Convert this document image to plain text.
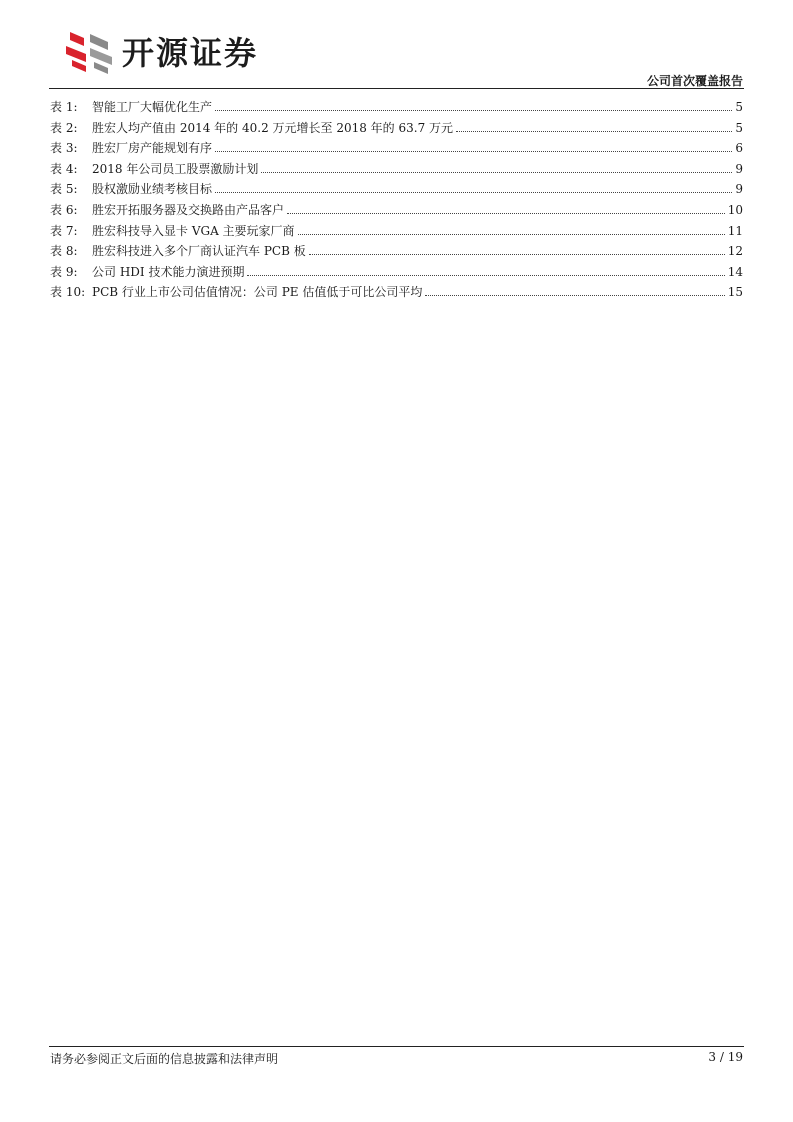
开源证券
公司首次覆盖报告
表 1:	智能工厂大幅优化生产	5
表 2:	胜宏人均产值由 2014 年的 40.2 万元增长至 2018 年的 63.7 万元	5
表 3:	胜宏厂房产能规划有序	6
表 4:	2018 年公司员工股票激励计划	9
表 5:	股权激励业绩考核目标	9
表 6:	胜宏开拓服务器及交换路由产品客户	10
表 7:	胜宏科技导入显卡 VGA 主要玩家厂商	11
表 8:	胜宏科技进入多个厂商认证汽车 PCB 板	12
表 9:	公司 HDI 技术能力演进预期	14
表 10: PCB 行业上市公司估值情况：公司 PE 估值低于可比公司平均	15
请务必参阅正文后面的信息披露和法律声明	3 / 19
